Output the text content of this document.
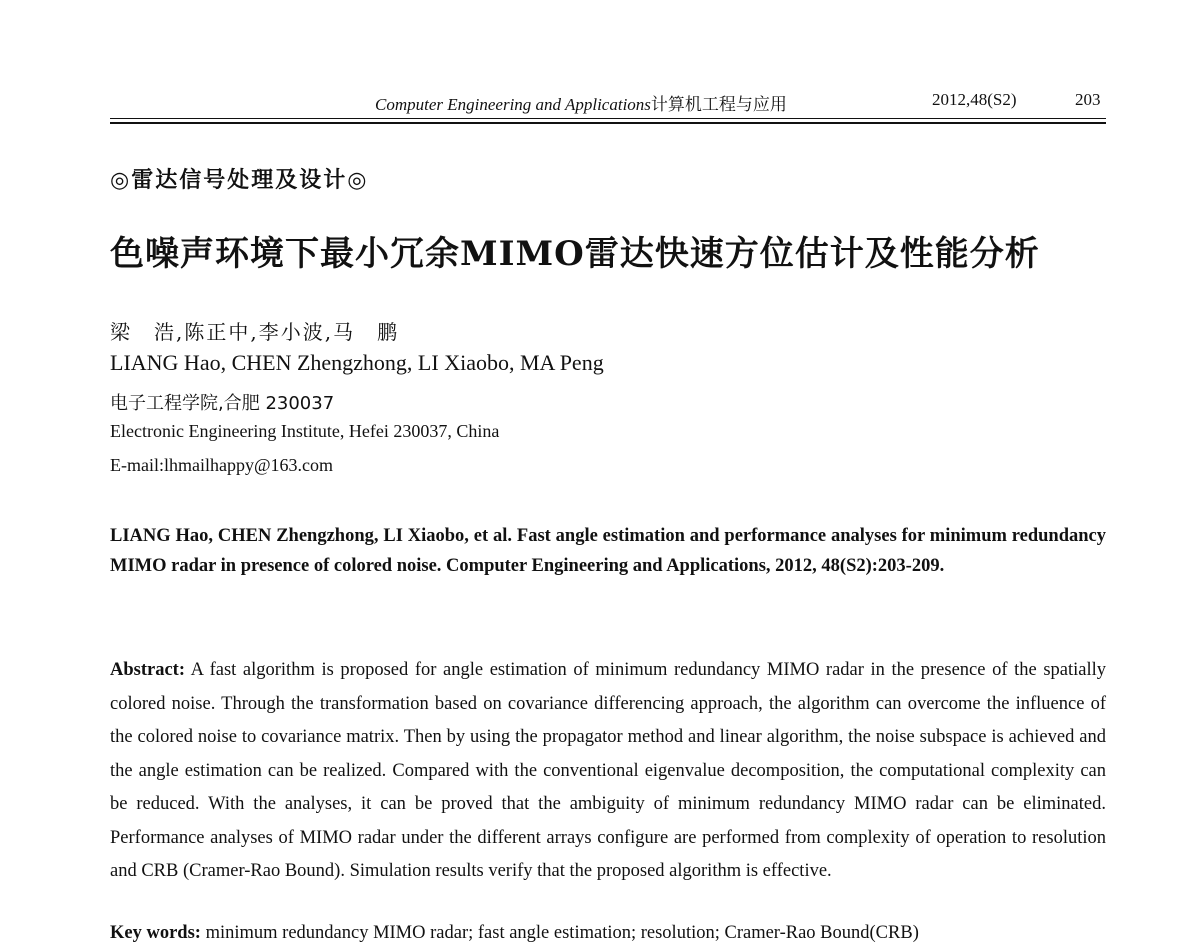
Computer Engineering and Applications计算机工程与应用	2012,48(S2)	203
◎雷达信号处理及设计◎
色噪声环境下最小冗余MIMO雷达快速方位估计及性能分析
梁　浩,陈正中,李小波,马　鹏
LIANG Hao, CHEN Zhengzhong, LI Xiaobo, MA Peng
电子工程学院,合肥 230037
Electronic Engineering Institute, Hefei 230037, China
E-mail:lhmailhappy@163.com
LIANG Hao, CHEN Zhengzhong, LI Xiaobo, et al. Fast angle estimation and performance analyses for minimum redundancy MIMO radar in presence of colored noise. Computer Engineering and Applications, 2012, 48(S2):203-209.
Abstract: A fast algorithm is proposed for angle estimation of minimum redundancy MIMO radar in the presence of the spatially colored noise. Through the transformation based on covariance differencing approach, the algorithm can overcome the influence of the colored noise to covariance matrix. Then by using the propagator method and linear algorithm, the noise subspace is achieved and the angle estimation can be realized. Compared with the conventional eigenvalue decomposition, the computational complexity can be reduced. With the analyses, it can be proved that the ambiguity of minimum redundancy MIMO radar can be eliminated. Performance analyses of MIMO radar under the different arrays configure are performed from complexity of operation to resolution and CRB (Cramer-Rao Bound). Simulation results verify that the proposed algorithm is effective.
Key words: minimum redundancy MIMO radar; fast angle estimation; resolution; Cramer-Rao Bound(CRB)
